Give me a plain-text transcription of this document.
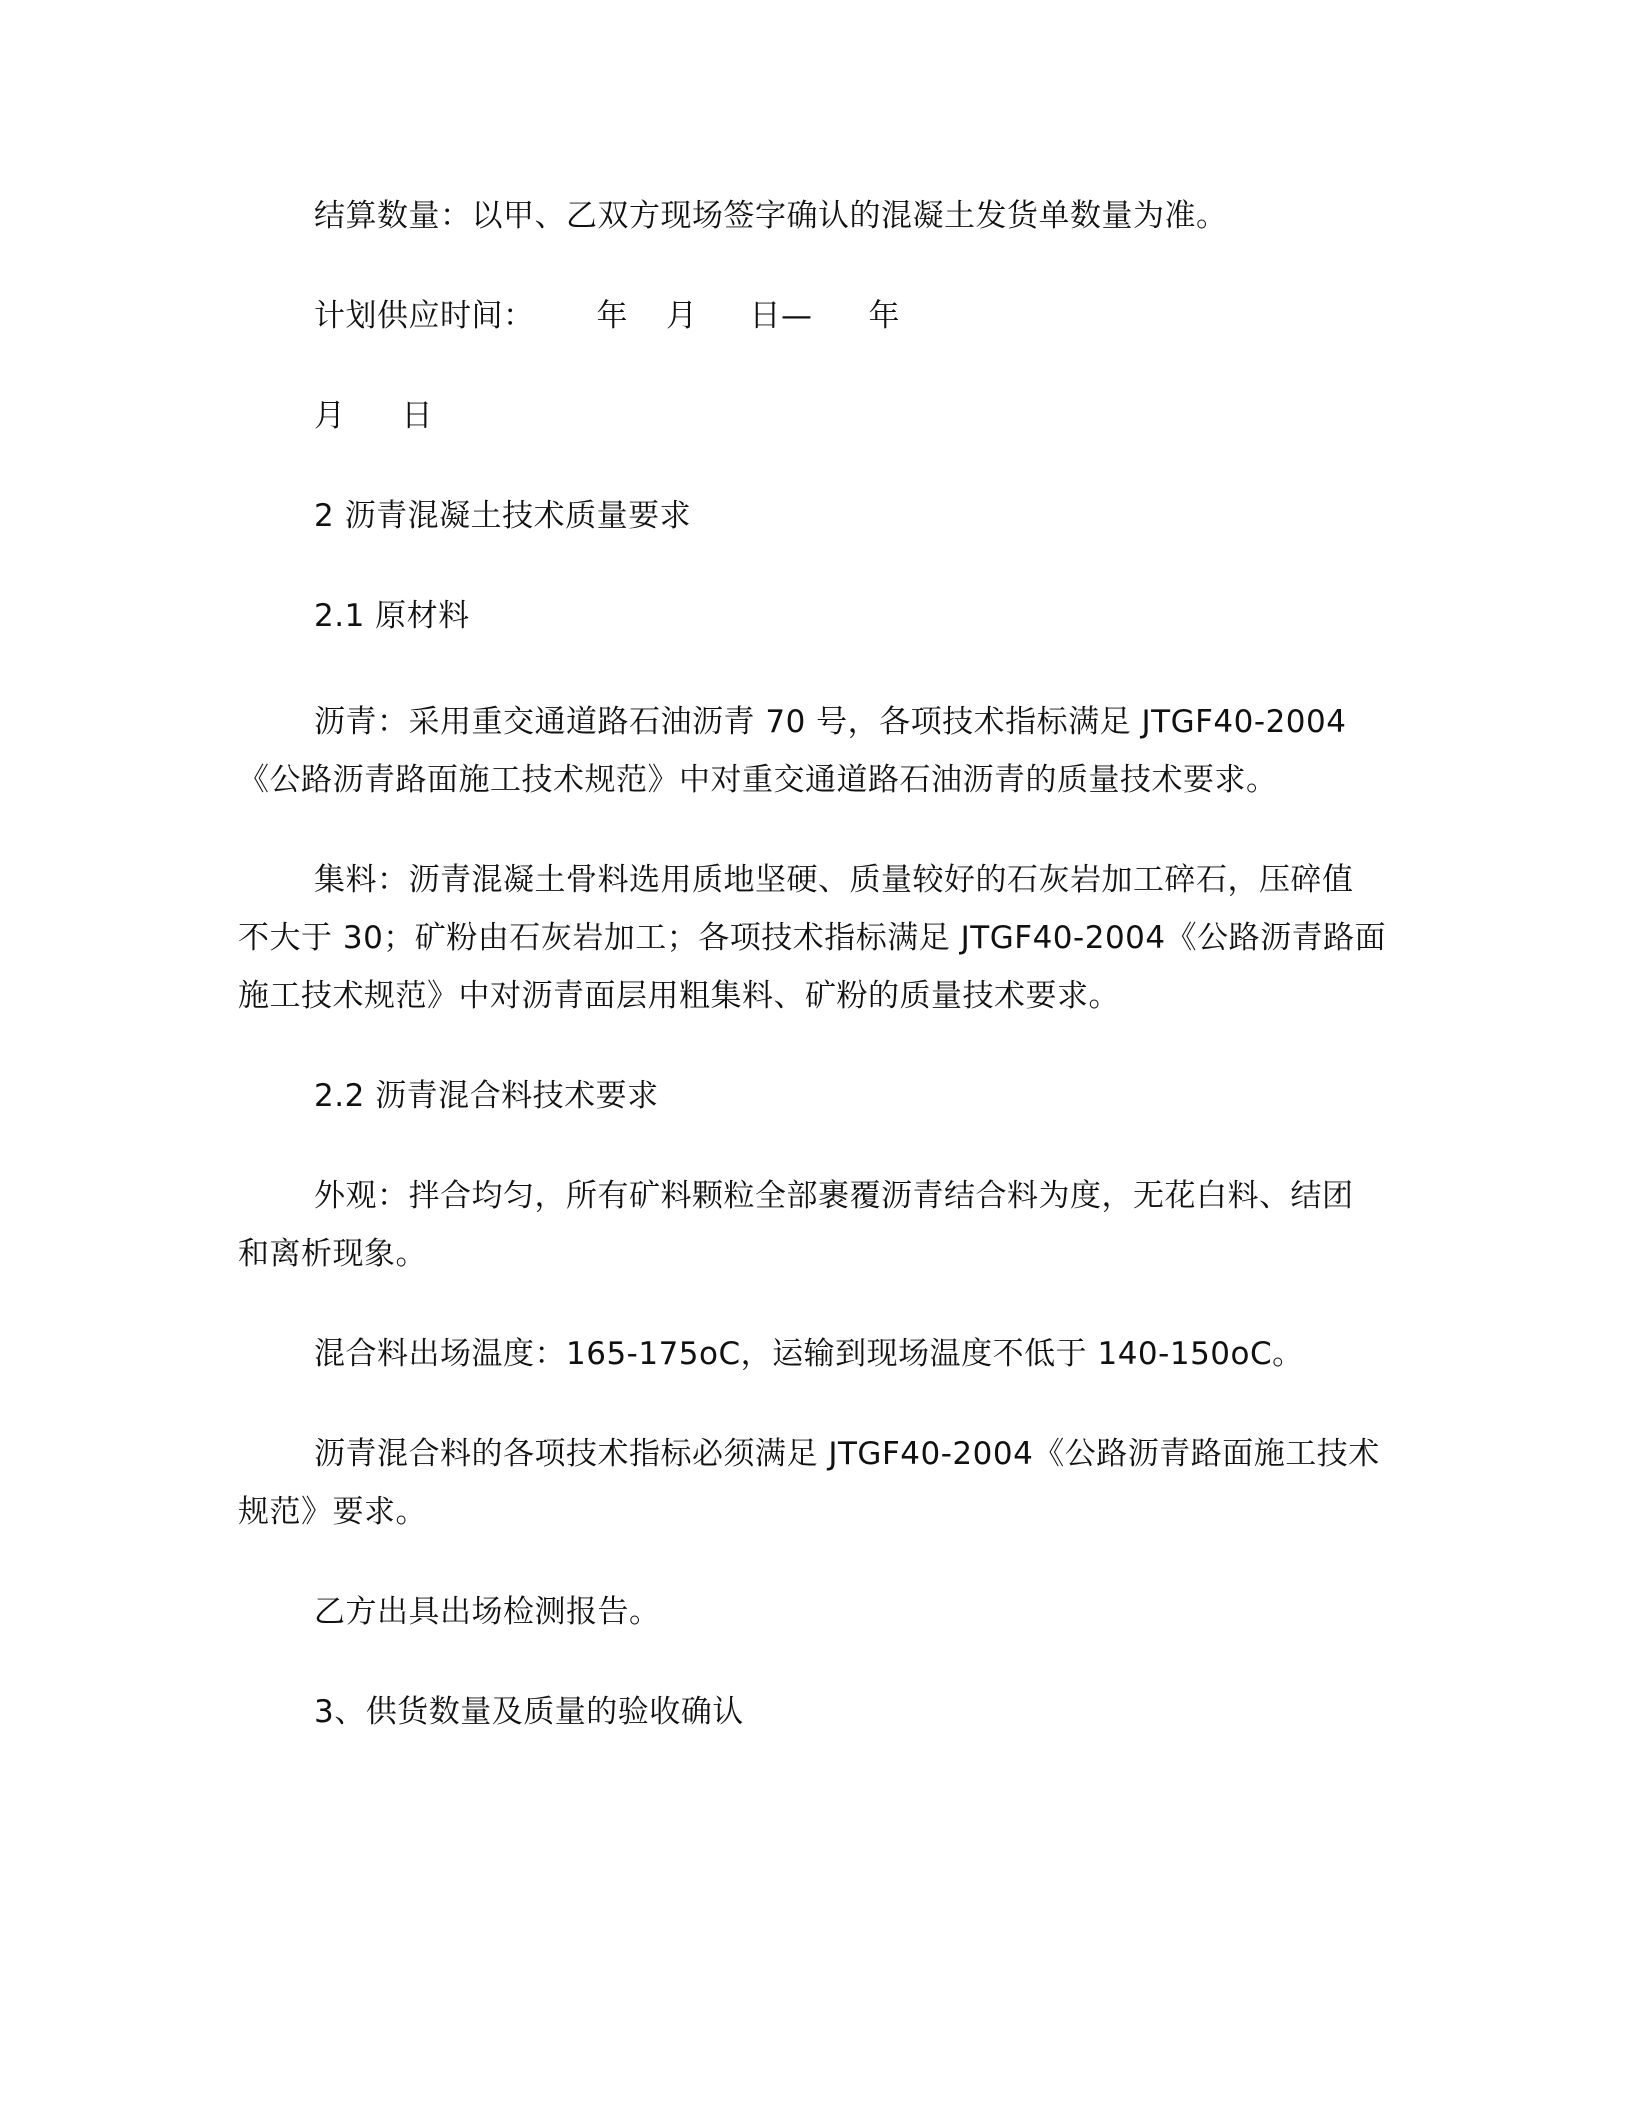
结算数量：以甲、乙双方现场签字确认的混凝土发货单数量为准。
计划供应时间： 年 月 日— 年
月 日
2 沥青混凝土技术质量要求
2.1 原材料
沥青：采用重交通道路石油沥青 70 号，各项技术指标满足 JTGF40-2004
《公路沥青路面施工技术规范》中对重交通道路石油沥青的质量技术要求。
集料：沥青混凝土骨料选用质地坚硬、质量较好的石灰岩加工碎石，压碎值
不大于 30；矿粉由石灰岩加工；各项技术指标满足 JTGF40-2004《公路沥青路面
施工技术规范》中对沥青面层用粗集料、矿粉的质量技术要求。
2.2 沥青混合料技术要求
外观：拌合均匀，所有矿料颗粒全部裹覆沥青结合料为度，无花白料、结团
和离析现象。
混合料出场温度：165-175oC，运输到现场温度不低于 140-150oC。
沥青混合料的各项技术指标必须满足 JTGF40-2004《公路沥青路面施工技术
规范》要求。
乙方出具出场检测报告。
3、供货数量及质量的验收确认
